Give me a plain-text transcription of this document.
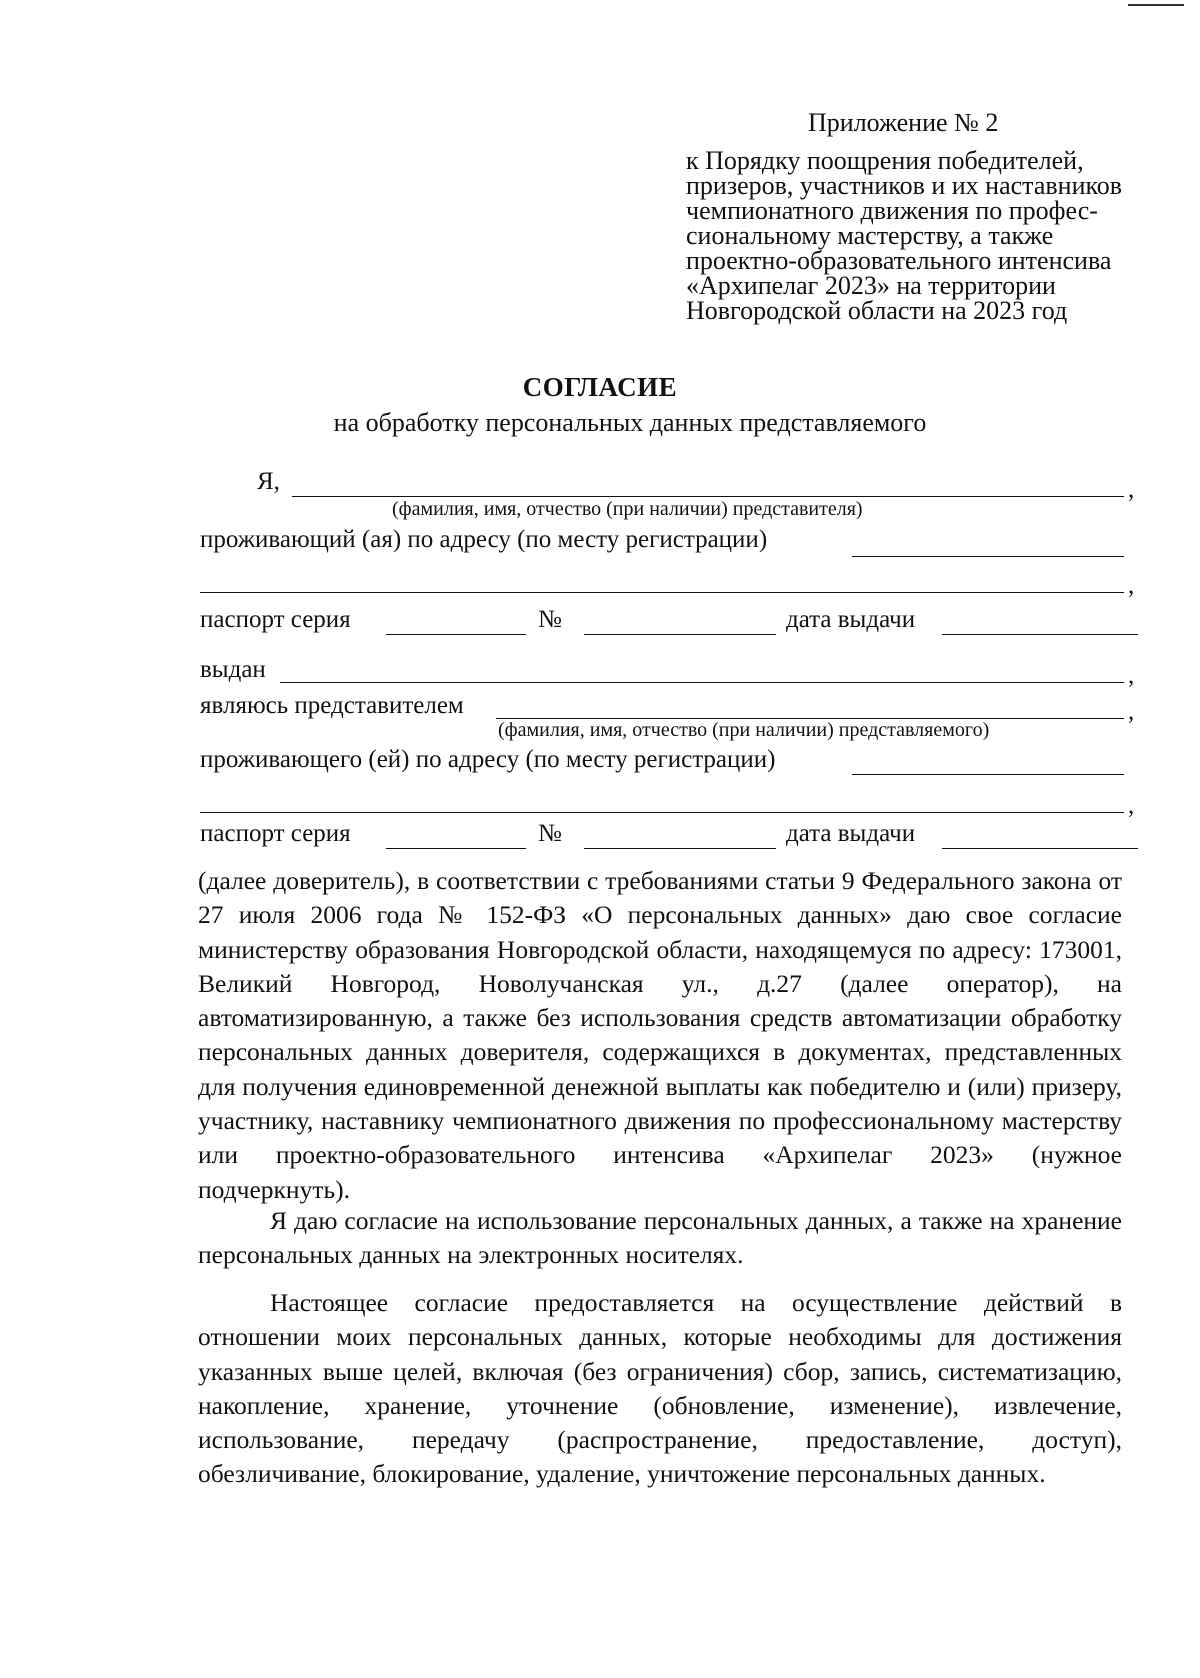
Приложение № 2
к Порядку поощрения победителей,
призеров, участников и их наставников
чемпионатного движения по профес-
сиональному мастерству, а также
проектно-образовательного интенсива
«Архипелаг 2023» на территории
Новгородской области на 2023 год
СОГЛАСИЕ
на обработку персональных данных представляемого
Я,	,
(фамилия, имя, отчество (при наличии) представителя)
проживающий (ая) по адресу (по месту регистрации)
,
паспорт серия	№	дата выдачи
выдан	,
являюсь представителем	,
(фамилия, имя, отчество (при наличии) представляемого)
проживающего (ей) по адресу (по месту регистрации)
,
паспорт серия	№	дата выдачи
(далее доверитель), в соответствии с требованиями статьи 9 Федерального закона от 27 июля 2006 года № 152-ФЗ «О персональных данных» даю свое согласие министерству образования Новгородской области, находящемуся по адресу: 173001, Великий Новгород, Новолучанская ул., д.27 (далее оператор), на автоматизированную, а также без использования средств автоматизации обработку персональных данных доверителя, содержащихся в документах, представленных для получения единовременной денежной выплаты как победителю и (или) призеру, участнику, наставнику чемпионатного движения по профессиональному мастерству или проектно-образовательного интенсива «Архипелаг 2023» (нужное подчеркнуть).
Я даю согласие на использование персональных данных, а также на хранение персональных данных на электронных носителях.
Настоящее согласие предоставляется на осуществление действий в отношении моих персональных данных, которые необходимы для достижения указанных выше целей, включая (без ограничения) сбор, запись, систематизацию, накопление, хранение, уточнение (обновление, изменение), извлечение, использование, передачу (распространение, предоставление, доступ), обезличивание, блокирование, удаление, уничтожение персональных данных.
